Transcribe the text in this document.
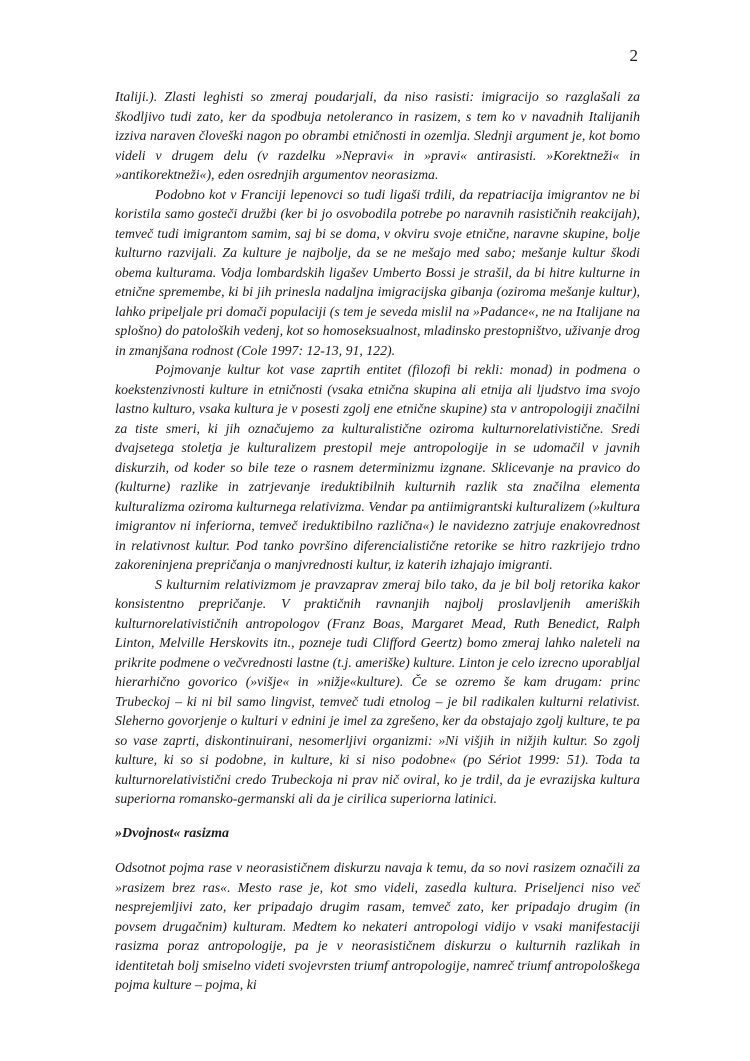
2

Italiji.). Zlasti leghisti so zmeraj poudarjali, da niso rasisti: imigracijo so razglašali za škodljivo tudi zato, ker da spodbuja netoleranco in rasizem, s tem ko v navadnih Italijanih izziva naraven človeški nagon po obrambi etničnosti in ozemlja. Slednji argument je, kot bomo videli v drugem delu (v razdelku »Nepravi« in »pravi« antirasisti. »Korektneži« in »antikorektneži«), eden osrednjih argumentov neorasizma.

Podobno kot v Franciji lepenovci so tudi ligaši trdili, da repatriacija imigrantov ne bi koristila samo gosteči družbi (ker bi jo osvobodila potrebe po naravnih rasističnih reakcijah), temveč tudi imigrantom samim, saj bi se doma, v okviru svoje etnične, naravne skupine, bolje kulturno razvijali. Za kulture je najbolje, da se ne mešajo med sabo; mešanje kultur škodi obema kulturama. Vodja lombardskih ligašev Umberto Bossi je strašil, da bi hitre kulturne in etnične spremembe, ki bi jih prinesla nadaljna imigracijska gibanja (oziroma mešanje kultur), lahko pripeljale pri domači populaciji (s tem je seveda mislil na »Padance«, ne na Italijane na splošno) do patoloških vedenj, kot so homoseksualnost, mladinsko prestopništvo, uživanje drog in zmanjšana rodnost (Cole 1997: 12-13, 91, 122).

Pojmovanje kultur kot vase zaprtih entitet (filozofi bi rekli: monad) in podmena o koekstenzivnosti kulture in etničnosti (vsaka etnična skupina ali etnija ali ljudstvo ima svojo lastno kulturo, vsaka kultura je v posesti zgolj ene etnične skupine) sta v antropologiji značilni za tiste smeri, ki jih označujemo za kulturalistične oziroma kulturnorelativistične. Sredi dvajsetega stoletja je kulturalizem prestopil meje antropologije in se udomačil v javnih diskurzih, od koder so bile teze o rasnem determinizmu izgnane. Sklicevanje na pravico do (kulturne) razlike in zatrjevanje ireduktibilnih kulturnih razlik sta značilna elementa kulturalizma oziroma kulturnega relativizma. Vendar pa antiimigrantski kulturalizem (»kultura imigrantov ni inferiorna, temveč ireduktibilno različna«) le navidezno zatrjuje enakovrednost in relativnost kultur. Pod tanko površino diferencialistične retorike se hitro razkrijejo trdno zakoreninjena prepričanja o manjvrednosti kultur, iz katerih izhajajo imigranti.

S kulturnim relativizmom je pravzaprav zmeraj bilo tako, da je bil bolj retorika kakor konsistentno prepričanje. V praktičnih ravnanjih najbolj proslavljenih ameriških kulturnorelativističnih antropologov (Franz Boas, Margaret Mead, Ruth Benedict, Ralph Linton, Melville Herskovits itn., pozneje tudi Clifford Geertz) bomo zmeraj lahko naleteli na prikrite podmene o večvrednosti lastne (t.j. ameriške) kulture. Linton je celo izrecno uporabljal hierarhično govorico (»višje« in »nižje«kulture). Če se ozremo še kam drugam: princ Trubeckoj – ki ni bil samo lingvist, temveč tudi etnolog – je bil radikalen kulturni relativist. Sleherno govorjenje o kulturi v ednini je imel za zgrešeno, ker da obstajajo zgolj kulture, te pa so vase zaprti, diskontinuirani, nesomerljivi organizmi: »Ni višjih in nižjih kultur. So zgolj kulture, ki so si podobne, in kulture, ki si niso podobne« (po Sériot 1999: 51). Toda ta kulturnorelativistični credo Trubeckoja ni prav nič oviral, ko je trdil, da je evrazijska kultura superiorna romansko-germanski ali da je cirilica superiorna latinici.

»Dvojnost« rasizma

Odsotnot pojma rase v neorasističnem diskurzu navaja k temu, da so novi rasizem označili za »rasizem brez ras«. Mesto rase je, kot smo videli, zasedla kultura. Priseljenci niso več nesprejemljivi zato, ker pripadajo drugim rasam, temveč zato, ker pripadajo drugim (in povsem drugačnim) kulturam. Medtem ko nekateri antropologi vidijo v vsaki manifestaciji rasizma poraz antropologije, pa je v neorasističnem diskurzu o kulturnih razlikah in identitetah bolj smiselno videti svojevrsten triumf antropologije, namreč triumf antropološkega pojma kulture – pojma, ki
